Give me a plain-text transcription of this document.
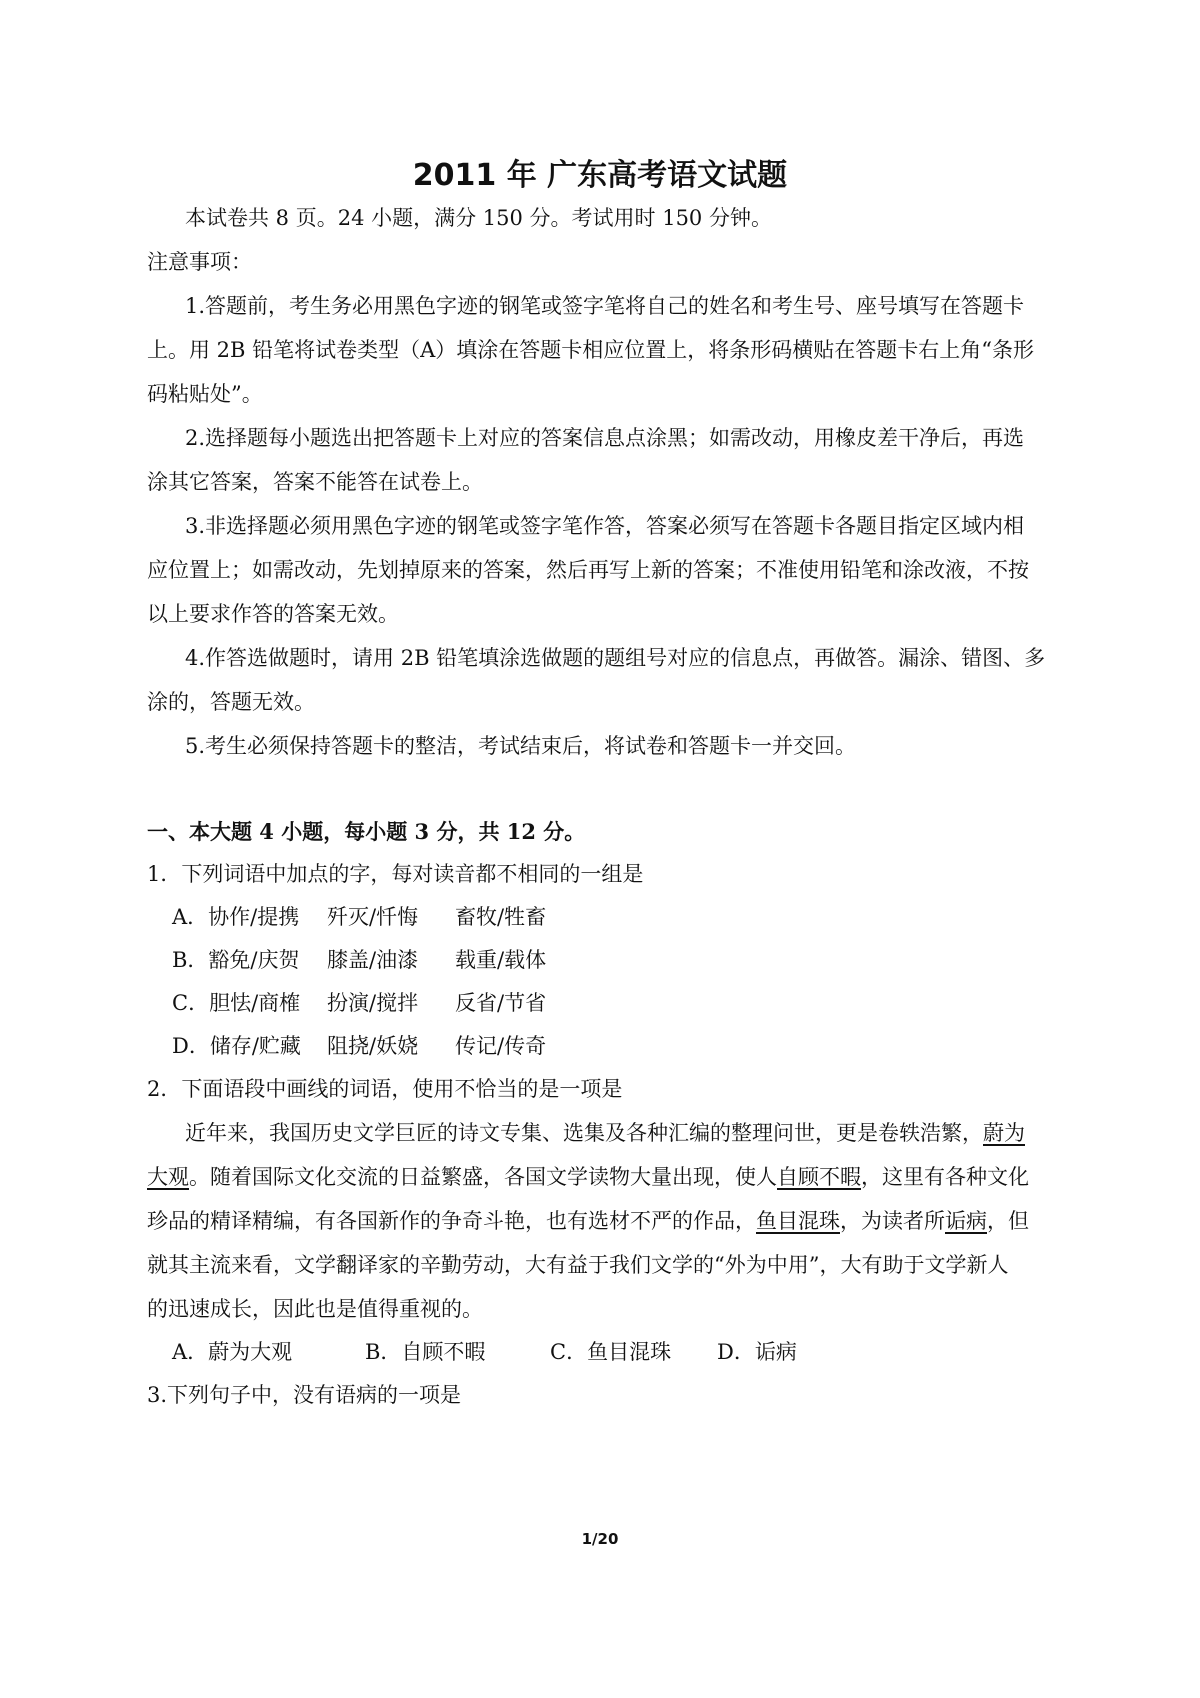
2011 年 广东高考语文试题
本试卷共 8 页。24 小题，满分 150 分。考试用时 150 分钟。
注意事项：
1.答题前，考生务必用黑色字迹的钢笔或签字笔将自己的姓名和考生号、座号填写在答题卡
上。用 2B 铅笔将试卷类型（A）填涂在答题卡相应位置上，将条形码横贴在答题卡右上角“条形
码粘贴处”。
2.选择题每小题选出把答题卡上对应的答案信息点涂黑；如需改动，用橡皮差干净后，再选
涂其它答案，答案不能答在试卷上。
3.非选择题必须用黑色字迹的钢笔或签字笔作答，答案必须写在答题卡各题目指定区域内相
应位置上；如需改动，先划掉原来的答案，然后再写上新的答案；不准使用铅笔和涂改液，不按
以上要求作答的答案无效。
4.作答选做题时，请用 2B 铅笔填涂选做题的题组号对应的信息点，再做答。漏涂、错图、多
涂的，答题无效。
5.考生必须保持答题卡的整洁，考试结束后，将试卷和答题卡一并交回。
一、本大题 4 小题，每小题 3 分，共 12 分。
1．下列词语中加点的字，每对读音都不相同的一组是
A．协作/提携 歼灭/忏悔 畜牧/牲畜
B．豁免/庆贺 膝盖/油漆 载重/载体
C．胆怯/商榷 扮演/搅拌 反省/节省
D．储存/贮藏 阻挠/妖娆 传记/传奇
2．下面语段中画线的词语，使用不恰当的是一项是
近年来，我国历史文学巨匠的诗文专集、选集及各种汇编的整理问世，更是卷轶浩繁，蔚为
大观。随着国际文化交流的日益繁盛，各国文学读物大量出现，使人自顾不暇，这里有各种文化
珍品的精译精编，有各国新作的争奇斗艳，也有选材不严的作品，鱼目混珠，为读者所诟病，但
就其主流来看，文学翻译家的辛勤劳动，大有益于我们文学的“外为中用”，大有助于文学新人
的迅速成长，因此也是值得重视的。
A．蔚为大观	B．自顾不暇	C．鱼目混珠 D．诟病
3.下列句子中，没有语病的一项是
1/20
